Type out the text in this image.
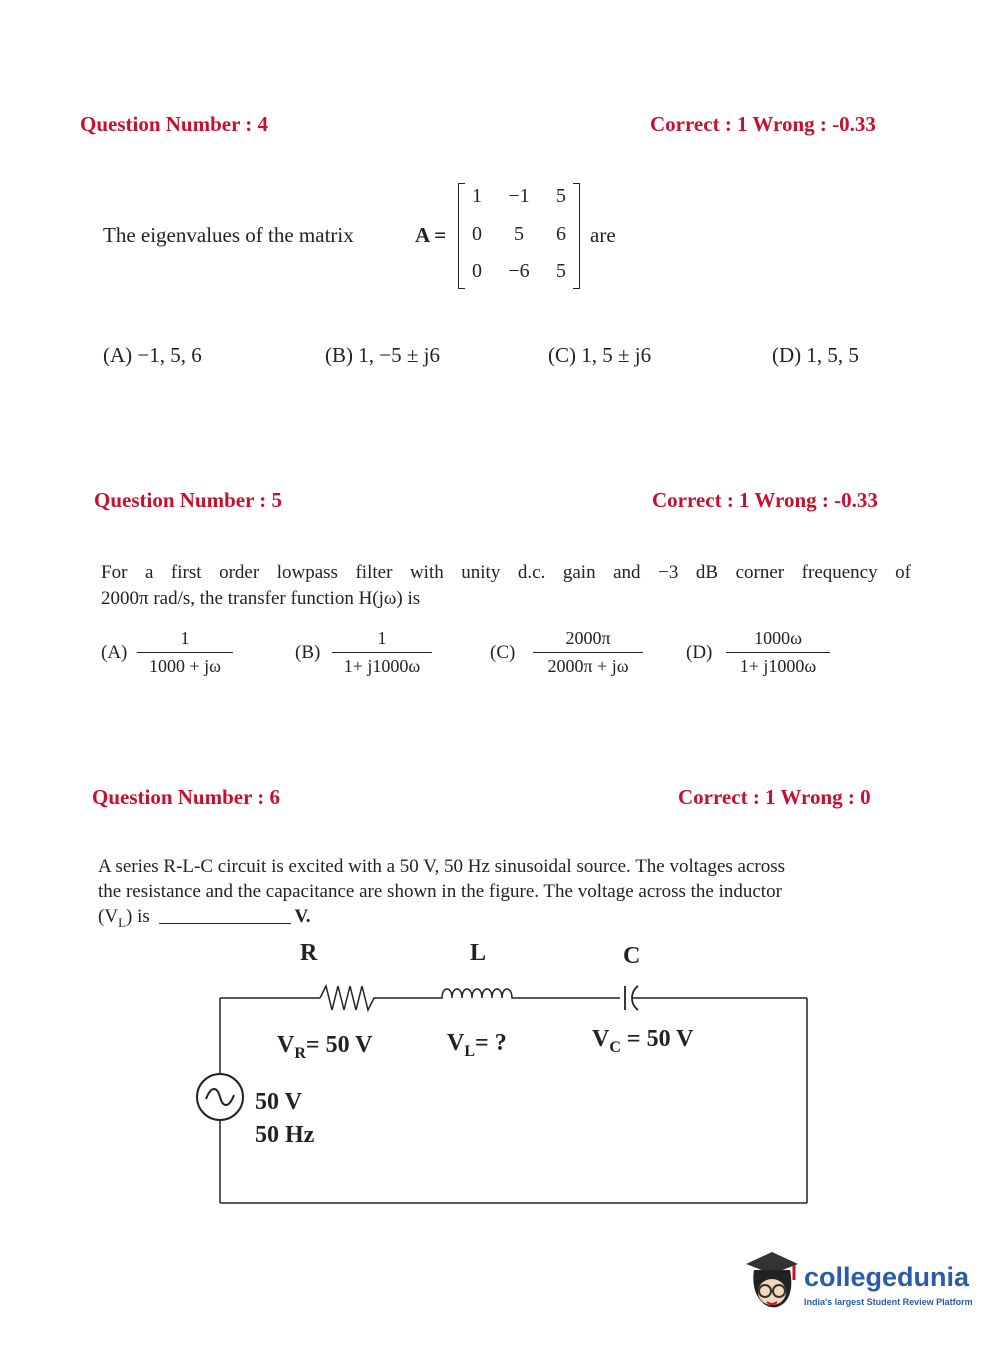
Question Number : 4	Correct : 1 Wrong : -0.33
The eigenvalues of the matrix	A =
1	−1	5
0	5	6
0	−6	5
are
(A) −1, 5, 6	(B) 1, −5 ± j6	(C) 1, 5 ± j6	(D) 1, 5, 5
Question Number : 5	Correct : 1 Wrong : -0.33
For a first order lowpass filter with unity d.c. gain and −3 dB corner frequency of
2000π rad/s, the transfer function H(jω) is
(A)
1
1000 + jω
(B)
1
1+ j1000ω
(C)
2000π
2000π + jω
(D)
1000ω
1+ j1000ω
Question Number : 6	Correct : 1 Wrong : 0
A series R-L-C circuit is excited with a 50 V, 50 Hz sinusoidal source. The voltages across
the resistance and the capacitance are shown in the figure. The voltage across the inductor
$(V_L)$ is	V.
R	L	C
$V_R= 50$ V	$V_L=$ ?	$V_C = 50$ V
50 V
50 Hz
collegedunia
India's largest Student Review Platform
